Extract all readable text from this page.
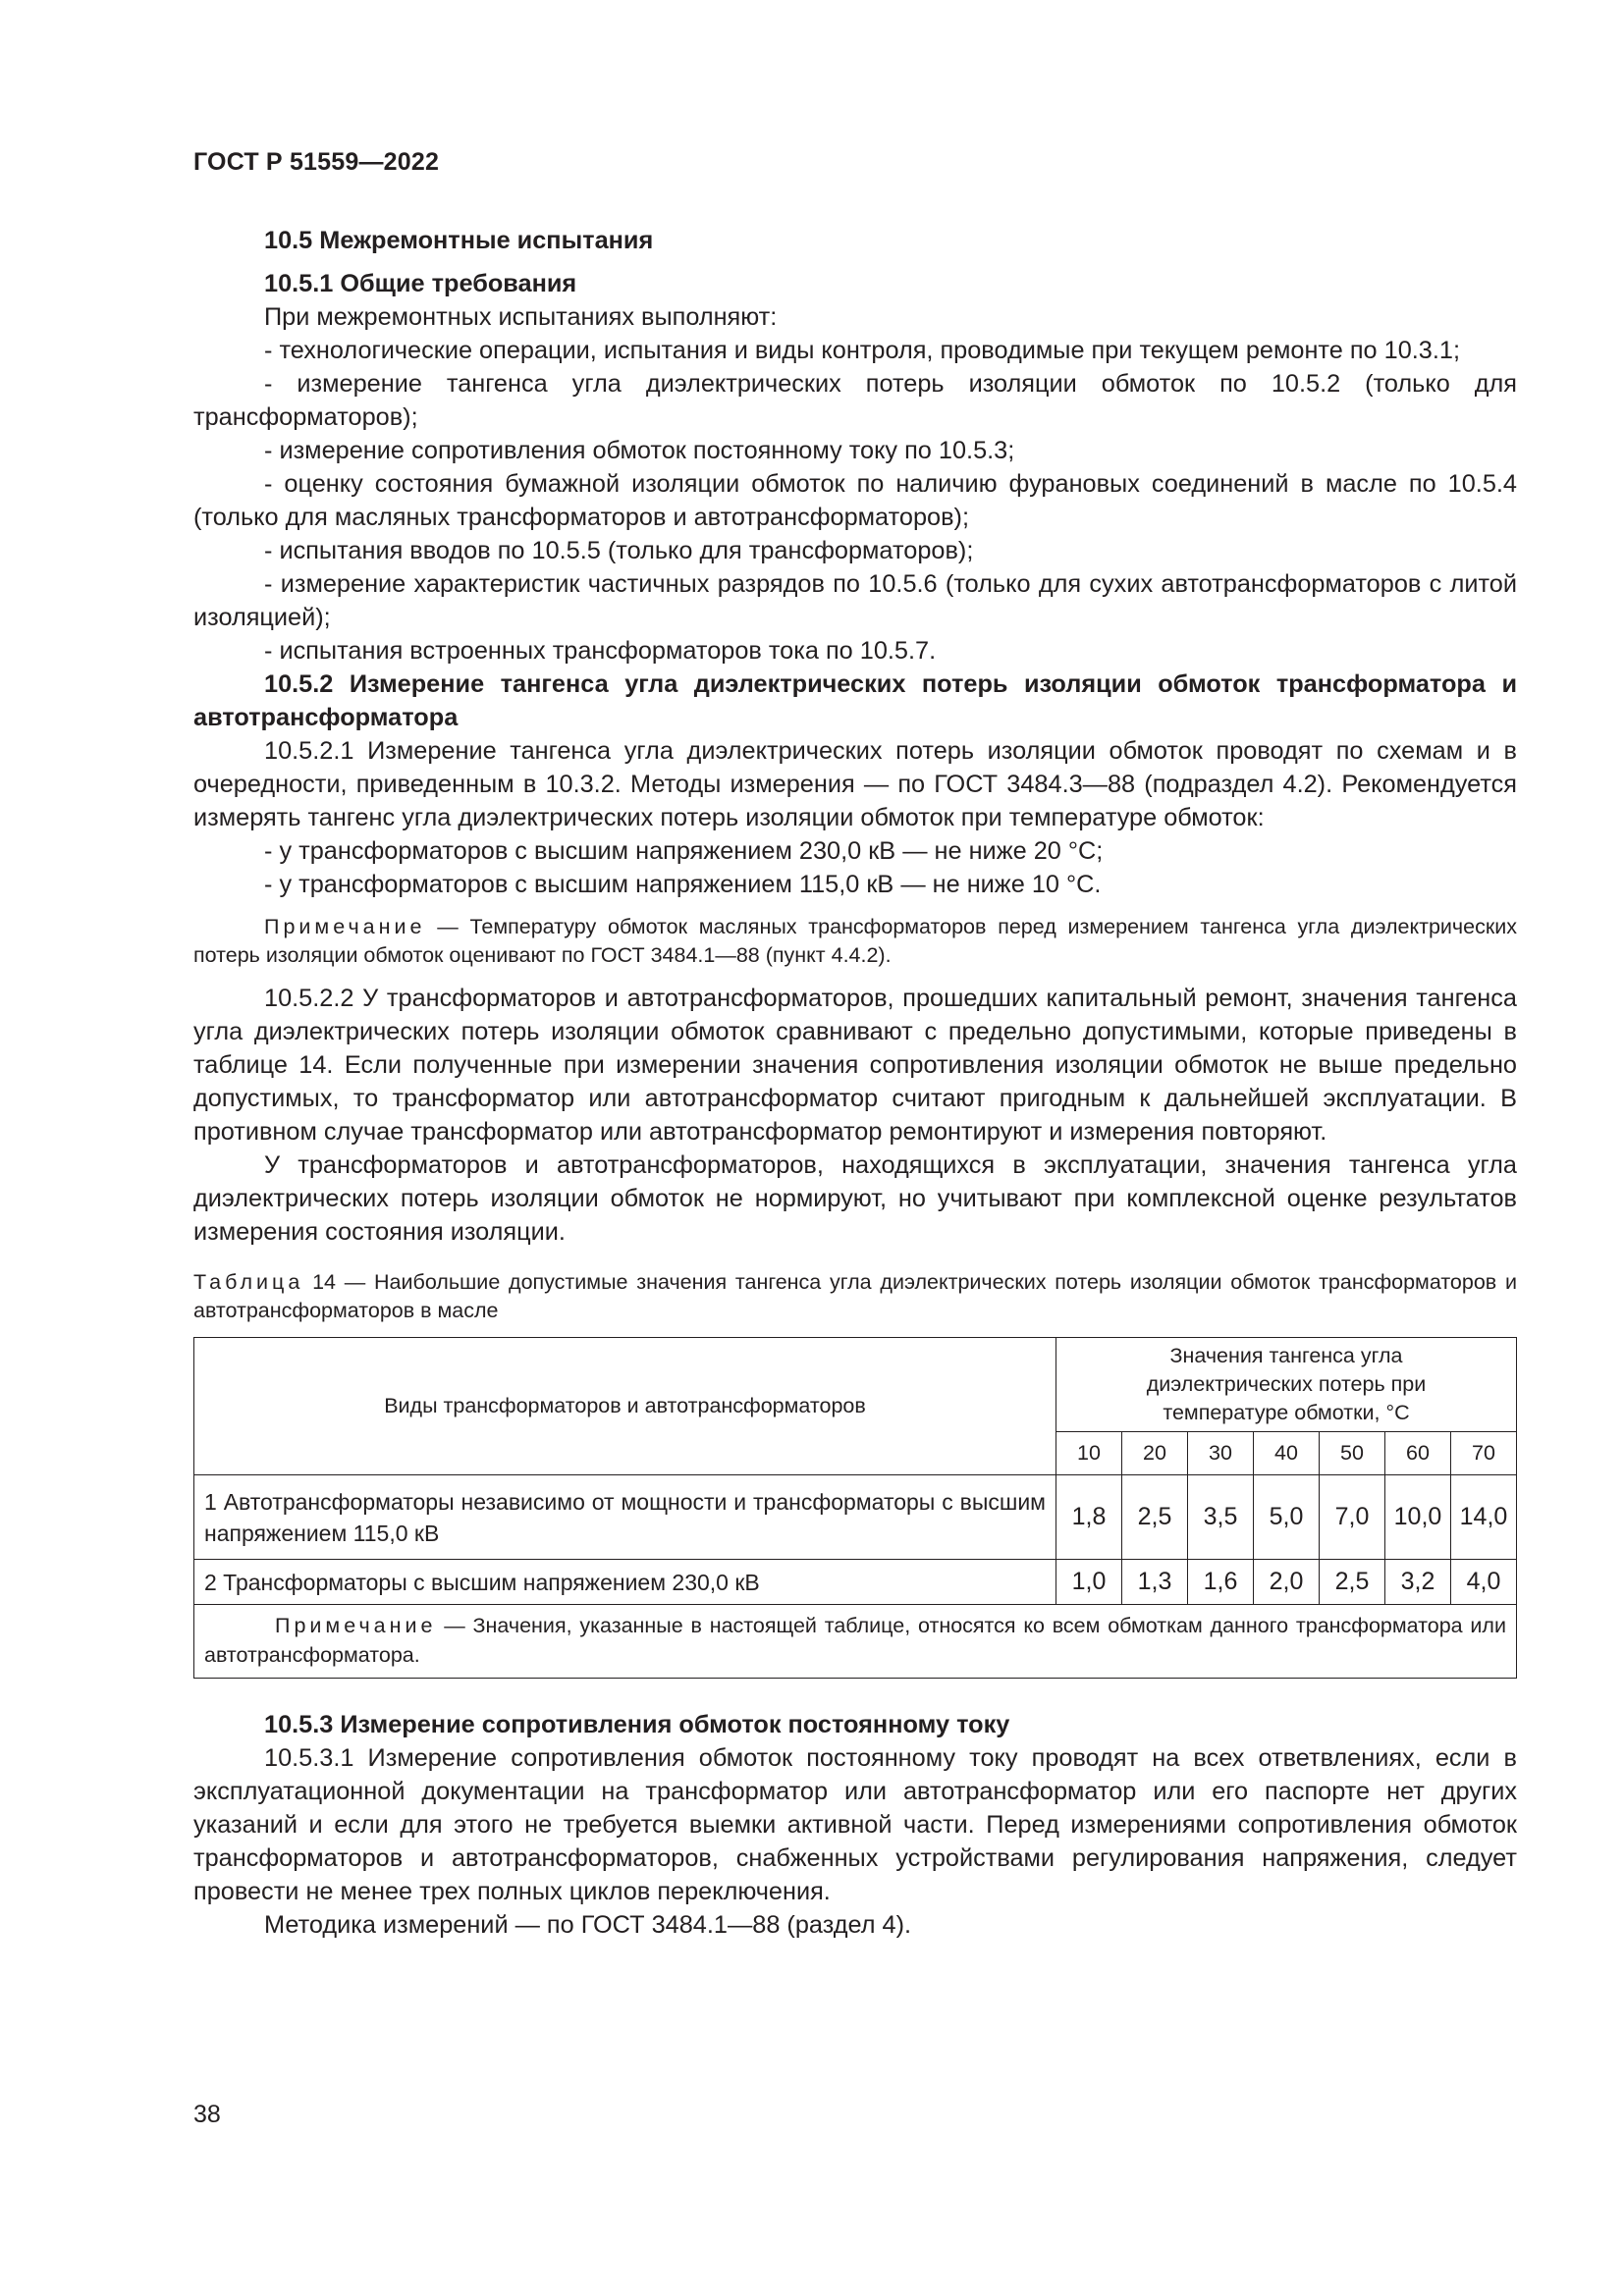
ГОСТ Р 51559—2022

10.5 Межремонтные испытания

10.5.1 Общие требования

При межремонтных испытаниях выполняют:

- технологические операции, испытания и виды контроля, проводимые при текущем ремонте по 10.3.1;

- измерение тангенса угла диэлектрических потерь изоляции обмоток по 10.5.2 (только для трансформаторов);

- измерение сопротивления обмоток постоянному току по 10.5.3;

- оценку состояния бумажной изоляции обмоток по наличию фурановых соединений в масле по 10.5.4 (только для масляных трансформаторов и автотрансформаторов);

- испытания вводов по 10.5.5 (только для трансформаторов);

- измерение характеристик частичных разрядов по 10.5.6 (только для сухих автотрансформаторов с литой изоляцией);

- испытания встроенных трансформаторов тока по 10.5.7.

10.5.2 Измерение тангенса угла диэлектрических потерь изоляции обмоток трансформатора и автотрансформатора

10.5.2.1 Измерение тангенса угла диэлектрических потерь изоляции обмоток проводят по схемам и в очередности, приведенным в 10.3.2. Методы измерения — по ГОСТ 3484.3—88 (подраздел 4.2). Рекомендуется измерять тангенс угла диэлектрических потерь изоляции обмоток при температуре обмоток:

- у трансформаторов с высшим напряжением 230,0 кВ — не ниже 20 °С;

- у трансформаторов с высшим напряжением 115,0 кВ — не ниже 10 °С.

Примечание — Температуру обмоток масляных трансформаторов перед измерением тангенса угла диэлектрических потерь изоляции обмоток оценивают по ГОСТ 3484.1—88 (пункт 4.4.2).

10.5.2.2 У трансформаторов и автотрансформаторов, прошедших капитальный ремонт, значения тангенса угла диэлектрических потерь изоляции обмоток сравнивают с предельно допустимыми, которые приведены в таблице 14. Если полученные при измерении значения сопротивления изоляции обмоток не выше предельно допустимых, то трансформатор или автотрансформатор считают пригодным к дальнейшей эксплуатации. В противном случае трансформатор или автотрансформатор ремонтируют и измерения повторяют.

У трансформаторов и автотрансформаторов, находящихся в эксплуатации, значения тангенса угла диэлектрических потерь изоляции обмоток не нормируют, но учитывают при комплексной оценке результатов измерения состояния изоляции.

Таблица 14 — Наибольшие допустимые значения тангенса угла диэлектрических потерь изоляции обмоток трансформаторов и автотрансформаторов в масле

Виды трансформаторов и автотрансформаторов	Значения тангенса угла диэлектрических потерь при температуре обмотки, °С						
	10	20	30	40	50	60	70
1 Автотрансформаторы независимо от мощности и трансформаторы с высшим напряжением 115,0 кВ	1,8	2,5	3,5	5,0	7,0	10,0	14,0
2 Трансформаторы с высшим напряжением 230,0 кВ	1,0	1,3	1,6	2,0	2,5	3,2	4,0
Примечание — Значения, указанные в настоящей таблице, относятся ко всем обмоткам данного трансформатора или автотрансформатора.							

10.5.3 Измерение сопротивления обмоток постоянному току

10.5.3.1 Измерение сопротивления обмоток постоянному току проводят на всех ответвлениях, если в эксплуатационной документации на трансформатор или автотрансформатор или его паспорте нет других указаний и если для этого не требуется выемки активной части. Перед измерениями сопротивления обмоток трансформаторов и автотрансформаторов, снабженных устройствами регулирования напряжения, следует провести не менее трех полных циклов переключения.

Методика измерений — по ГОСТ 3484.1—88 (раздел 4).

38
